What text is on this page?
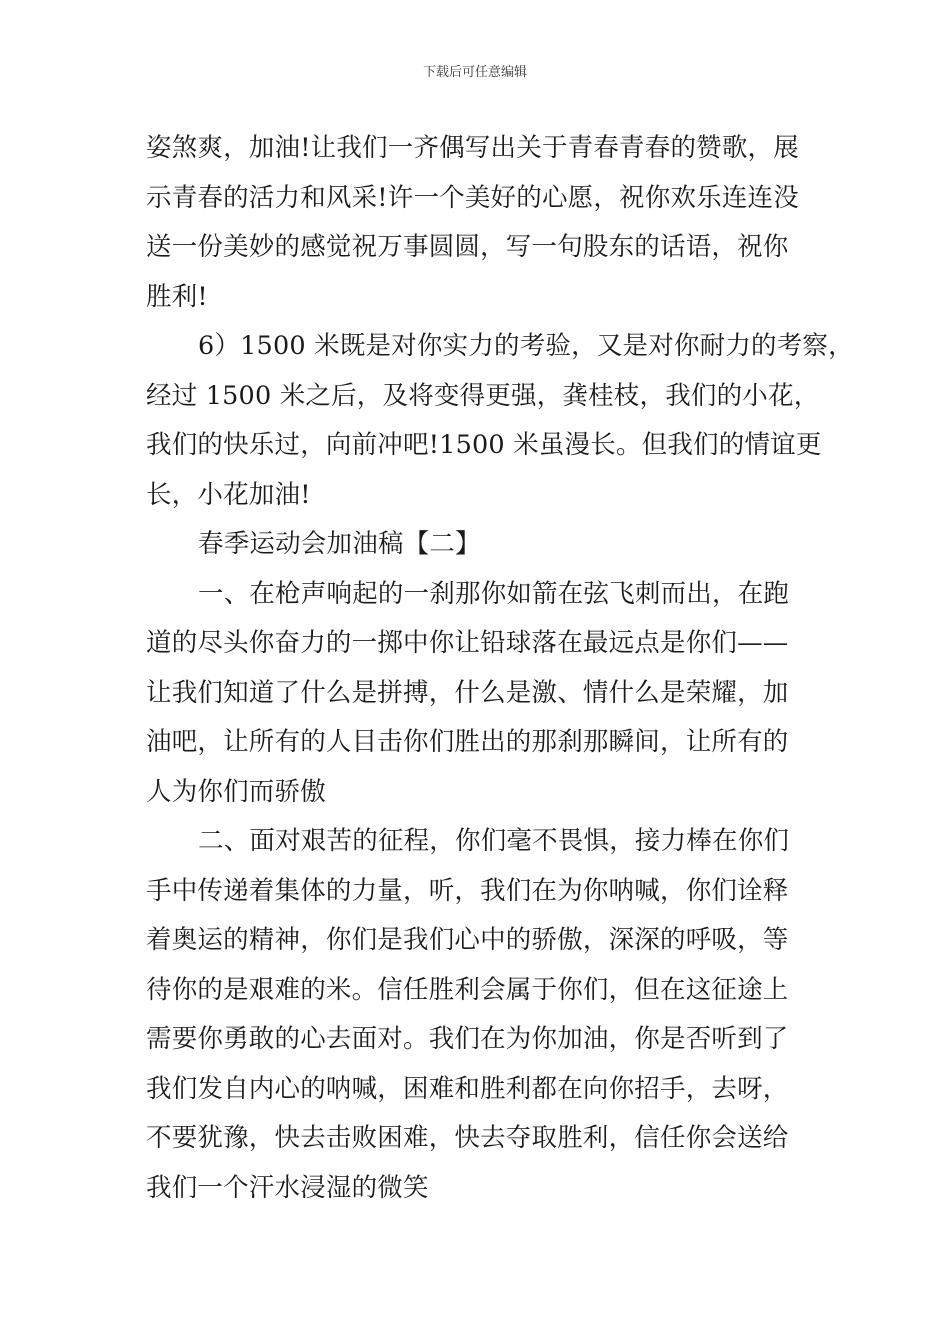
下载后可任意编辑
姿煞爽，加油!让我们一齐偶写出关于青春青春的赞歌，展
示青春的活力和风采!许一个美好的心愿，祝你欢乐连连没
送一份美妙的感觉祝万事圆圆，写一句股东的话语，祝你
胜利!
6）1500 米既是对你实力的考验，又是对你耐力的考察，
经过 1500 米之后，及将变得更强，龚桂枝，我们的小花，
我们的快乐过，向前冲吧!1500 米虽漫长。但我们的情谊更
长，小花加油!
春季运动会加油稿【二】
一、在枪声响起的一刹那你如箭在弦飞刺而出，在跑
道的尽头你奋力的一掷中你让铅球落在最远点是你们——
让我们知道了什么是拼搏，什么是激、情什么是荣耀，加
油吧，让所有的人目击你们胜出的那刹那瞬间，让所有的
人为你们而骄傲
二、面对艰苦的征程，你们毫不畏惧，接力棒在你们
手中传递着集体的力量，听，我们在为你呐喊，你们诠释
着奥运的精神，你们是我们心中的骄傲，深深的呼吸，等
待你的是艰难的米。信任胜利会属于你们，但在这征途上
需要你勇敢的心去面对。我们在为你加油，你是否听到了
我们发自内心的呐喊，困难和胜利都在向你招手，去呀，
不要犹豫，快去击败困难，快去夺取胜利，信任你会送给
我们一个汗水浸湿的微笑
